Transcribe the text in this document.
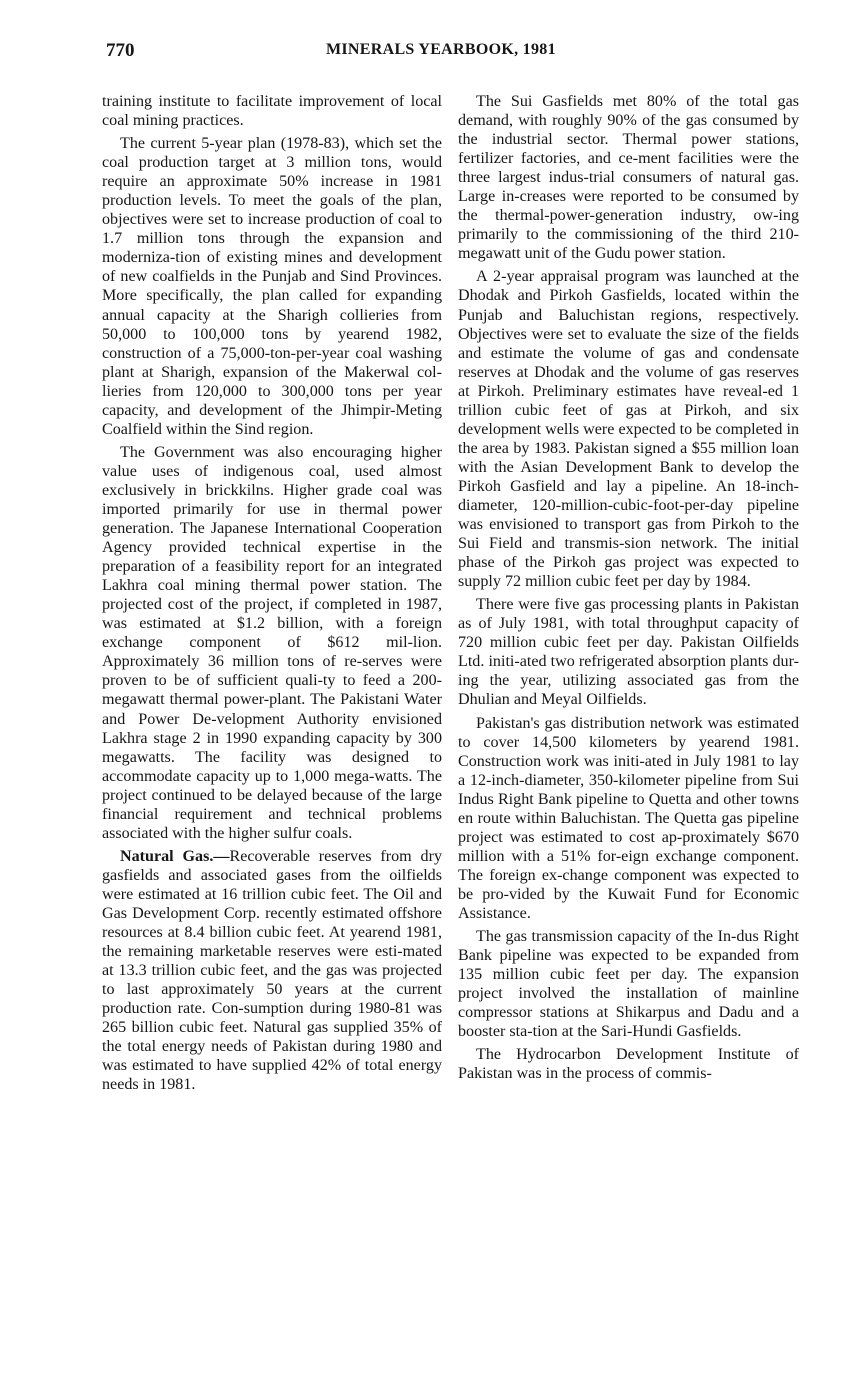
770	MINERALS YEARBOOK, 1981

training institute to facilitate improvement of local coal mining practices.

The current 5-year plan (1978-83), which set the coal production target at 3 million tons, would require an approximate 50% increase in 1981 production levels. To meet the goals of the plan, objectives were set to increase production of coal to 1.7 million tons through the expansion and moderniza-tion of existing mines and development of new coalfields in the Punjab and Sind Provinces. More specifically, the plan called for expanding annual capacity at the Sharigh collieries from 50,000 to 100,000 tons by yearend 1982, construction of a 75,000-ton-per-year coal washing plant at Sharigh, expansion of the Makerwal col-lieries from 120,000 to 300,000 tons per year capacity, and development of the Jhimpir-Meting Coalfield within the Sind region.

The Government was also encouraging higher value uses of indigenous coal, used almost exclusively in brickkilns. Higher grade coal was imported primarily for use in thermal power generation. The Japanese International Cooperation Agency provided technical expertise in the preparation of a feasibility report for an integrated Lakhra coal mining thermal power station. The projected cost of the project, if completed in 1987, was estimated at $1.2 billion, with a foreign exchange component of $612 mil-lion. Approximately 36 million tons of re-serves were proven to be of sufficient quali-ty to feed a 200-megawatt thermal power-plant. The Pakistani Water and Power De-velopment Authority envisioned Lakhra stage 2 in 1990 expanding capacity by 300 megawatts. The facility was designed to accommodate capacity up to 1,000 mega-watts. The project continued to be delayed because of the large financial requirement and technical problems associated with the higher sulfur coals.

Natural Gas.—Recoverable reserves from dry gasfields and associated gases from the oilfields were estimated at 16 trillion cubic feet. The Oil and Gas Development Corp. recently estimated offshore resources at 8.4 billion cubic feet. At yearend 1981, the remaining marketable reserves were esti-mated at 13.3 trillion cubic feet, and the gas was projected to last approximately 50 years at the current production rate. Con-sumption during 1980-81 was 265 billion cubic feet. Natural gas supplied 35% of the total energy needs of Pakistan during 1980 and was estimated to have supplied 42% of total energy needs in 1981.

The Sui Gasfields met 80% of the total gas demand, with roughly 90% of the gas consumed by the industrial sector. Thermal power stations, fertilizer factories, and ce-ment facilities were the three largest indus-trial consumers of natural gas. Large in-creases were reported to be consumed by the thermal-power-generation industry, ow-ing primarily to the commissioning of the third 210-megawatt unit of the Gudu power station.

A 2-year appraisal program was launched at the Dhodak and Pirkoh Gasfields, located within the Punjab and Baluchistan regions, respectively. Objectives were set to evaluate the size of the fields and estimate the volume of gas and condensate reserves at Dhodak and the volume of gas reserves at Pirkoh. Preliminary estimates have reveal-ed 1 trillion cubic feet of gas at Pirkoh, and six development wells were expected to be completed in the area by 1983. Pakistan signed a $55 million loan with the Asian Development Bank to develop the Pirkoh Gasfield and lay a pipeline. An 18-inch-diameter, 120-million-cubic-foot-per-day pipeline was envisioned to transport gas from Pirkoh to the Sui Field and transmis-sion network. The initial phase of the Pirkoh gas project was expected to supply 72 million cubic feet per day by 1984.

There were five gas processing plants in Pakistan as of July 1981, with total throughput capacity of 720 million cubic feet per day. Pakistan Oilfields Ltd. initi-ated two refrigerated absorption plants dur-ing the year, utilizing associated gas from the Dhulian and Meyal Oilfields.

Pakistan's gas distribution network was estimated to cover 14,500 kilometers by yearend 1981. Construction work was initi-ated in July 1981 to lay a 12-inch-diameter, 350-kilometer pipeline from Sui Indus Right Bank pipeline to Quetta and other towns en route within Baluchistan. The Quetta gas pipeline project was estimated to cost ap-proximately $670 million with a 51% for-eign exchange component. The foreign ex-change component was expected to be pro-vided by the Kuwait Fund for Economic Assistance.

The gas transmission capacity of the In-dus Right Bank pipeline was expected to be expanded from 135 million cubic feet per day. The expansion project involved the installation of mainline compressor stations at Shikarpus and Dadu and a booster sta-tion at the Sari-Hundi Gasfields.

The Hydrocarbon Development Institute of Pakistan was in the process of commis-
